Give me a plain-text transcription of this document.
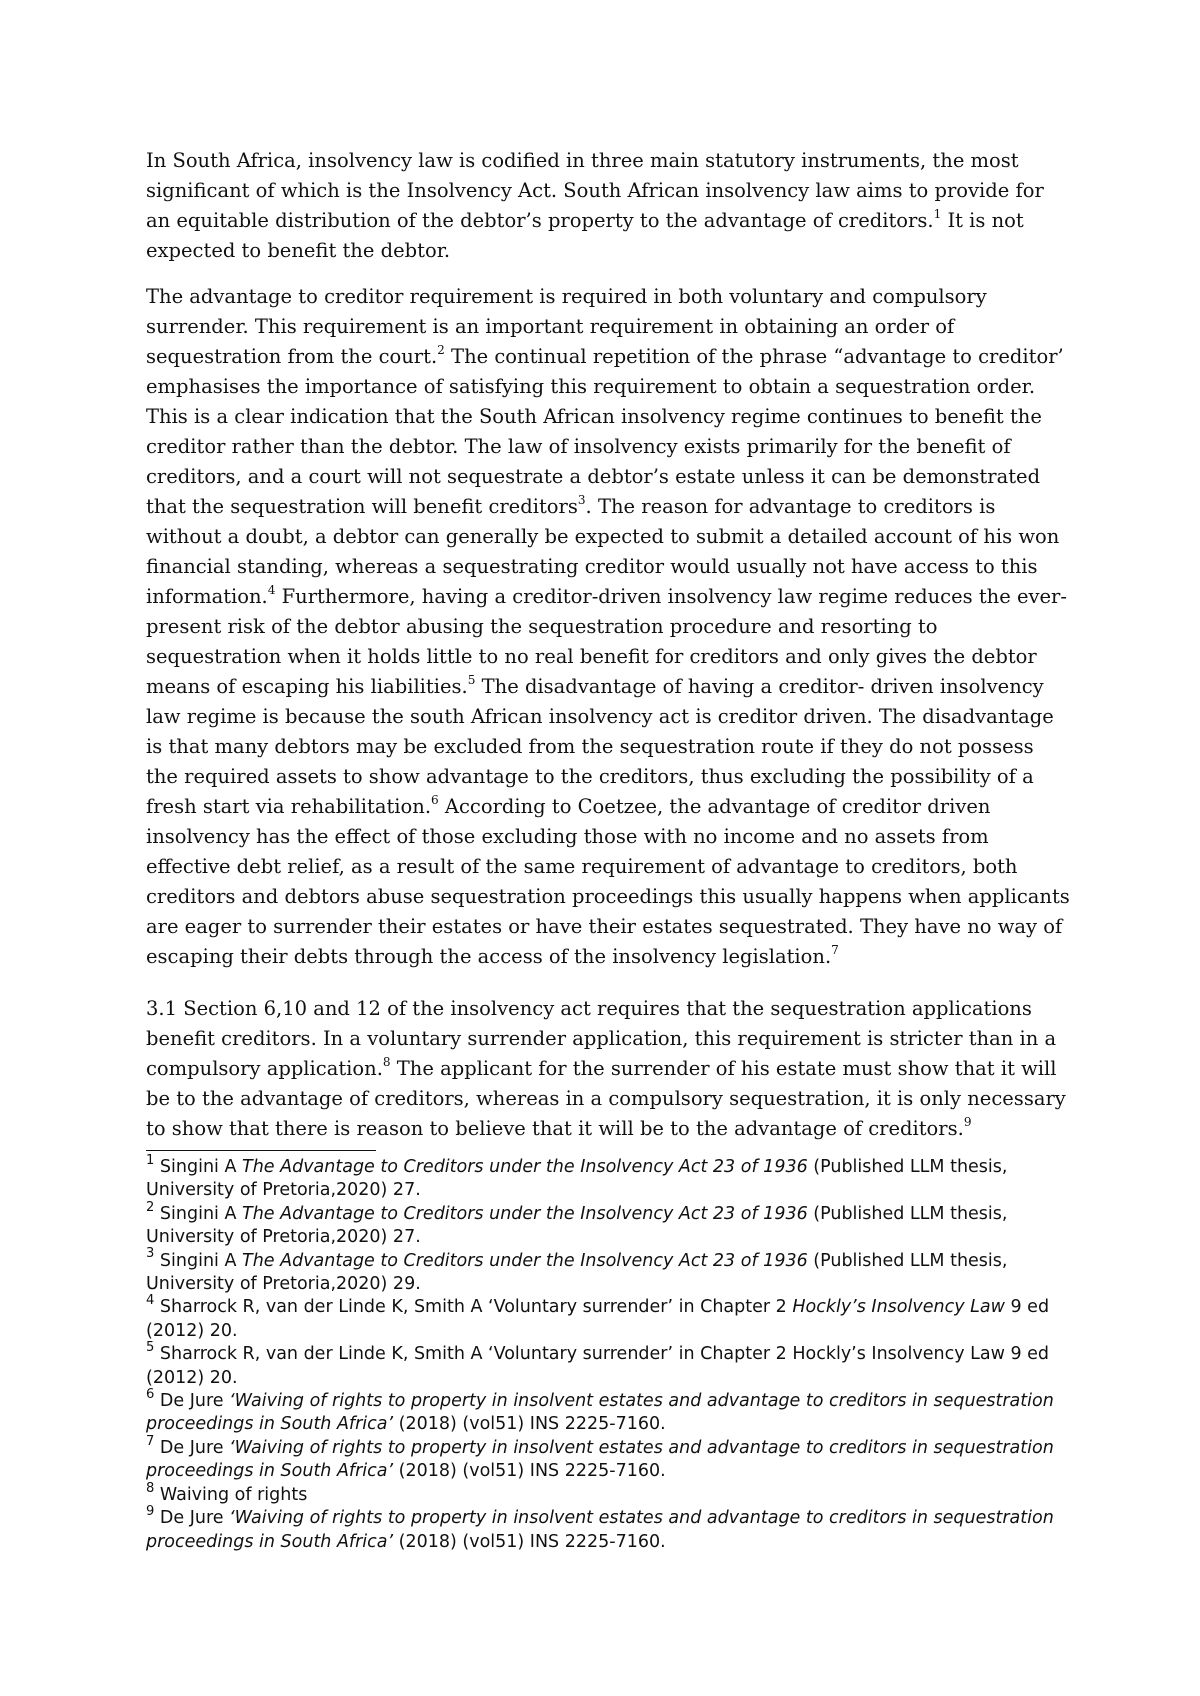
In South Africa, insolvency law is codified in three main statutory instruments, the most significant of which is the Insolvency Act. South African insolvency law aims to provide for an equitable distribution of the debtor’s property to the advantage of creditors.$^1$ It is not expected to benefit the debtor.

The advantage to creditor requirement is required in both voluntary and compulsory surrender. This requirement is an important requirement in obtaining an order of sequestration from the court.$^2$ The continual repetition of the phrase “advantage to creditor’ emphasises the importance of satisfying this requirement to obtain a sequestration order. This is a clear indication that the South African insolvency regime continues to benefit the creditor rather than the debtor. The law of insolvency exists primarily for the benefit of creditors, and a court will not sequestrate a debtor’s estate unless it can be demonstrated that the sequestration will benefit creditors$^3$. The reason for advantage to creditors is without a doubt, a debtor can generally be expected to submit a detailed account of his won financial standing, whereas a sequestrating creditor would usually not have access to this information.$^4$ Furthermore, having a creditor-driven insolvency law regime reduces the ever-present risk of the debtor abusing the sequestration procedure and resorting to sequestration when it holds little to no real benefit for creditors and only gives the debtor means of escaping his liabilities.$^5$ The disadvantage of having a creditor- driven insolvency law regime is because the south African insolvency act is creditor driven. The disadvantage is that many debtors may be excluded from the sequestration route if they do not possess the required assets to show advantage to the creditors, thus excluding the possibility of a fresh start via rehabilitation.$^6$ According to Coetzee, the advantage of creditor driven insolvency has the effect of those excluding those with no income and no assets from effective debt relief, as a result of the same requirement of advantage to creditors, both creditors and debtors abuse sequestration proceedings this usually happens when applicants are eager to surrender their estates or have their estates sequestrated. They have no way of escaping their debts through the access of the insolvency legislation.$^7$

3.1 Section 6,10 and 12 of the insolvency act requires that the sequestration applications benefit creditors. In a voluntary surrender application, this requirement is stricter than in a compulsory application.$^8$ The applicant for the surrender of his estate must show that it will be to the advantage of creditors, whereas in a compulsory sequestration, it is only necessary to show that there is reason to believe that it will be to the advantage of creditors.$^9$

$^1$ Singini A The Advantage to Creditors under the Insolvency Act 23 of 1936 (Published LLM thesis, University of Pretoria,2020) 27.

$^2$ Singini A The Advantage to Creditors under the Insolvency Act 23 of 1936 (Published LLM thesis, University of Pretoria,2020) 27.

$^3$ Singini A The Advantage to Creditors under the Insolvency Act 23 of 1936 (Published LLM thesis, University of Pretoria,2020) 29.

$^4$ Sharrock R, van der Linde K, Smith A ‘Voluntary surrender’ in Chapter 2 Hockly’s Insolvency Law 9 ed (2012) 20.

$^5$ Sharrock R, van der Linde K, Smith A ‘Voluntary surrender’ in Chapter 2 Hockly’s Insolvency Law 9 ed (2012) 20.

$^6$ De Jure ‘Waiving of rights to property in insolvent estates and advantage to creditors in sequestration proceedings in South Africa’ (2018) (vol51) INS 2225-7160.

$^7$ De Jure ‘Waiving of rights to property in insolvent estates and advantage to creditors in sequestration proceedings in South Africa’ (2018) (vol51) INS 2225-7160.

$^8$ Waiving of rights

$^9$ De Jure ‘Waiving of rights to property in insolvent estates and advantage to creditors in sequestration proceedings in South Africa’ (2018) (vol51) INS 2225-7160.
